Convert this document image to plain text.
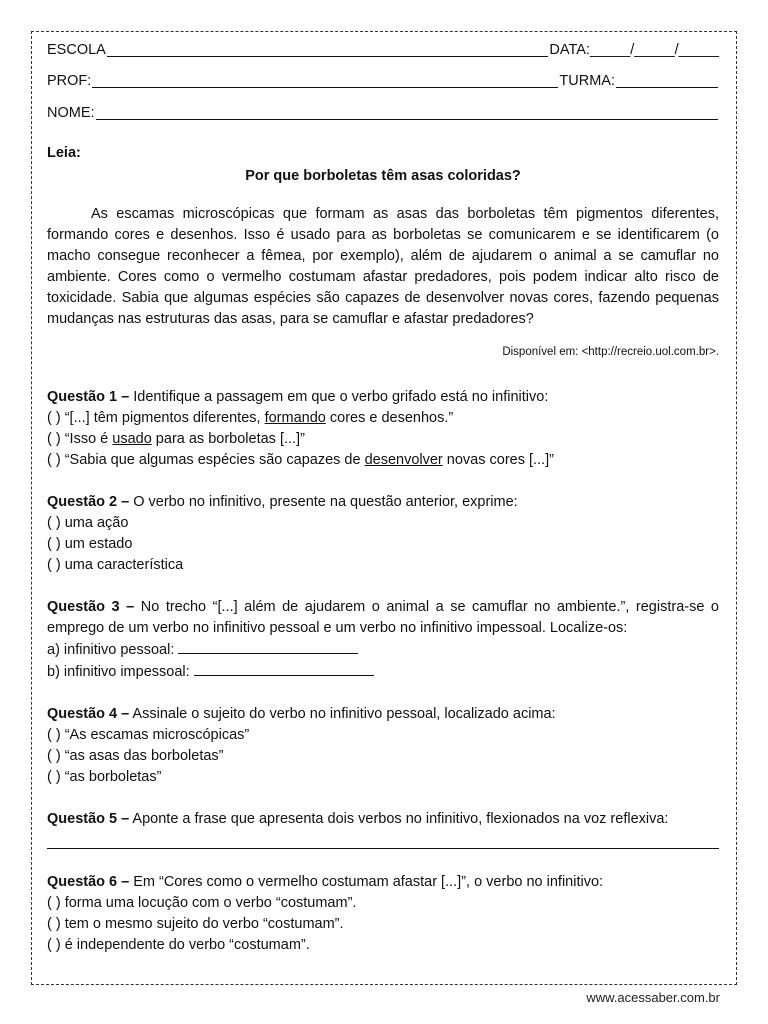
ESCOLA	DATA: _____/_____/_____
PROF:	TURMA:
NOME:
Leia:
Por que borboletas têm asas coloridas?
As escamas microscópicas que formam as asas das borboletas têm pigmentos diferentes, formando cores e desenhos. Isso é usado para as borboletas se comunicarem e se identificarem (o macho consegue reconhecer a fêmea, por exemplo), além de ajudarem o animal a se camuflar no ambiente. Cores como o vermelho costumam afastar predadores, pois podem indicar alto risco de toxicidade. Sabia que algumas espécies são capazes de desenvolver novas cores, fazendo pequenas mudanças nas estruturas das asas, para se camuflar e afastar predadores?
Disponível em: <http://recreio.uol.com.br>.
Questão 1 – Identifique a passagem em que o verbo grifado está no infinitivo:
( ) “[...] têm pigmentos diferentes, formando cores e desenhos.”
( ) “Isso é usado para as borboletas [...]”
( ) “Sabia que algumas espécies são capazes de desenvolver novas cores [...]”
Questão 2 – O verbo no infinitivo, presente na questão anterior, exprime:
( ) uma ação
( ) um estado
( ) uma característica
Questão 3 – No trecho “[...] além de ajudarem o animal a se camuflar no ambiente.”, registra-se o emprego de um verbo no infinitivo pessoal e um verbo no infinitivo impessoal. Localize-os:
a) infinitivo pessoal:
b) infinitivo impessoal:
Questão 4 – Assinale o sujeito do verbo no infinitivo pessoal, localizado acima:
( ) “As escamas microscópicas”
( ) “as asas das borboletas”
( ) “as borboletas”
Questão 5 – Aponte a frase que apresenta dois verbos no infinitivo, flexionados na voz reflexiva:
Questão 6 – Em “Cores como o vermelho costumam afastar [...]”, o verbo no infinitivo:
( ) forma uma locução com o verbo “costumam”.
( ) tem o mesmo sujeito do verbo “costumam”.
( ) é independente do verbo “costumam”.
www.acessaber.com.br
